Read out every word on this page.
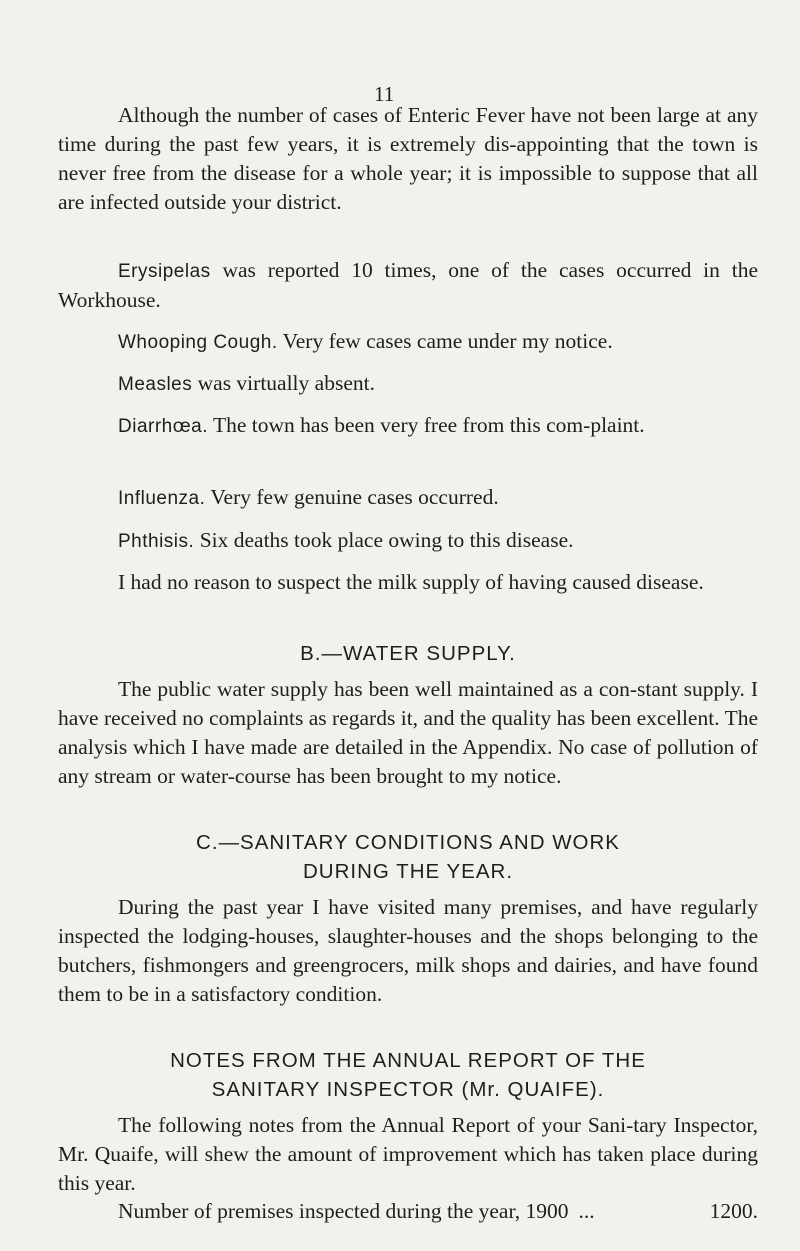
11

Although the number of cases of Enteric Fever have not been large at any time during the past few years, it is extremely dis-appointing that the town is never free from the disease for a whole year; it is impossible to suppose that all are infected outside your district.

Erysipelas was reported 10 times, one of the cases occurred in the Workhouse.

Whooping Cough. Very few cases came under my notice.

Measles was virtually absent.

Diarrhœa. The town has been very free from this com-plaint.

Influenza. Very few genuine cases occurred.

Phthisis. Six deaths took place owing to this disease.

I had no reason to suspect the milk supply of having caused disease.

B.—WATER SUPPLY.

The public water supply has been well maintained as a con-stant supply. I have received no complaints as regards it, and the quality has been excellent. The analysis which I have made are detailed in the Appendix. No case of pollution of any stream or water-course has been brought to my notice.

C.—SANITARY CONDITIONS AND WORK
DURING THE YEAR.

During the past year I have visited many premises, and have regularly inspected the lodging-houses, slaughter-houses and the shops belonging to the butchers, fishmongers and greengrocers, milk shops and dairies, and have found them to be in a satisfactory condition.

NOTES FROM THE ANNUAL REPORT OF THE
SANITARY INSPECTOR (Mr. QUAIFE).

The following notes from the Annual Report of your Sani-tary Inspector, Mr. Quaife, will shew the amount of improvement which has taken place during this year.

Number of premises inspected during the year, 1900 ...	1200.
